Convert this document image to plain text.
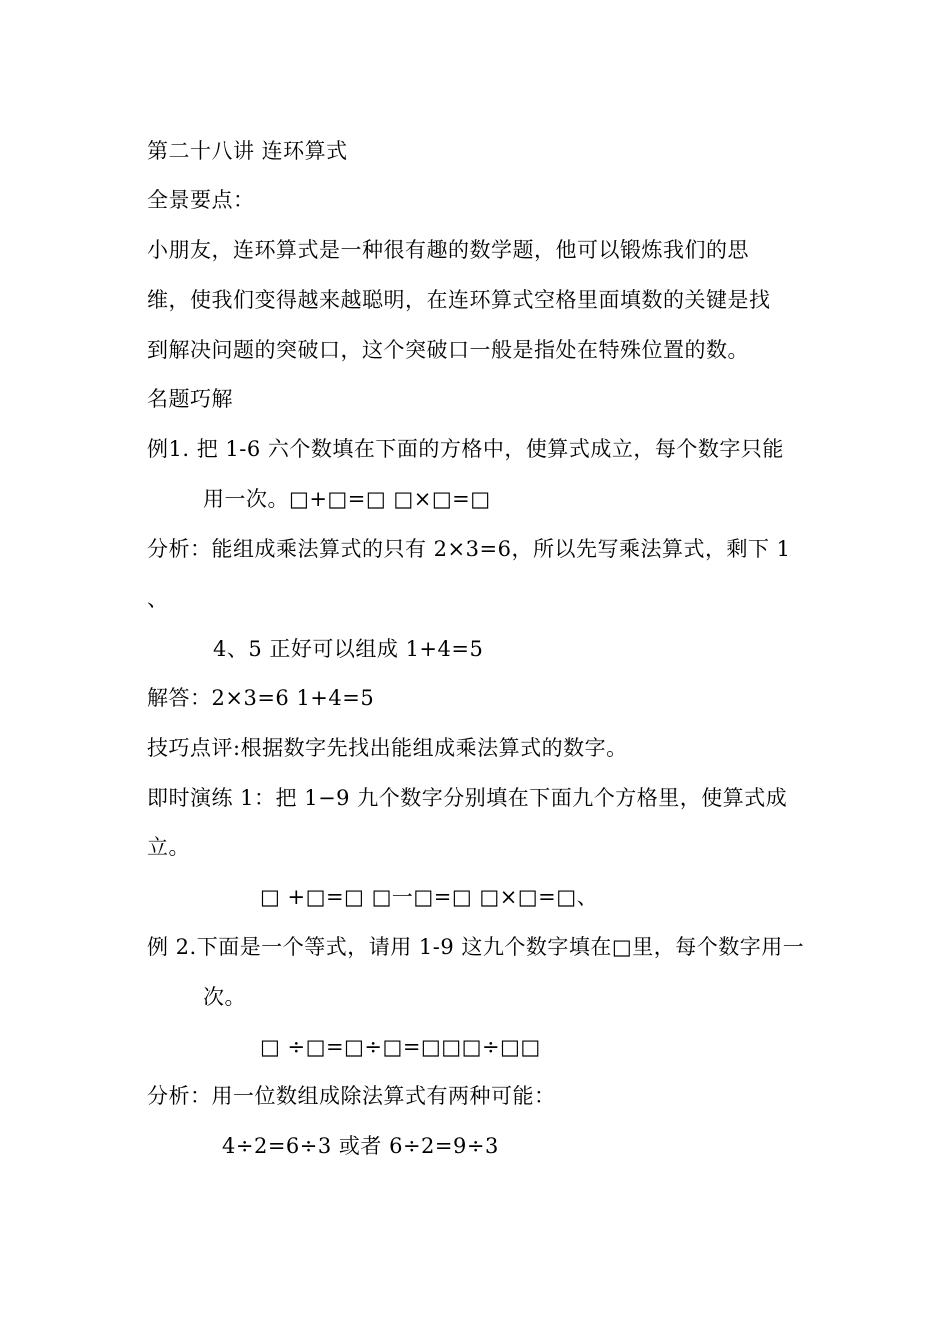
第二十八讲 连环算式
全景要点：
小朋友，连环算式是一种很有趣的数学题，他可以锻炼我们的思
维，使我们变得越来越聪明，在连环算式空格里面填数的关键是找
到解决问题的突破口，这个突破口一般是指处在特殊位置的数。
名题巧解
例1. 把 1-6 六个数填在下面的方格中，使算式成立，每个数字只能
用一次。□+□=□ □×□=□
分析：能组成乘法算式的只有 2×3=6，所以先写乘法算式，剩下 1
、
4、5 正好可以组成 1+4=5
解答：2×3=6 1+4=5
技巧点评:根据数字先找出能组成乘法算式的数字。
即时演练 1：把 1−9 九个数字分别填在下面九个方格里，使算式成
立。
□ +□=□ □一□=□ □×□=□、
例 2.下面是一个等式，请用 1-9 这九个数字填在□里，每个数字用一
次。
□ ÷□=□÷□=□□□÷□□
分析：用一位数组成除法算式有两种可能：
4÷2=6÷3 或者 6÷2=9÷3
